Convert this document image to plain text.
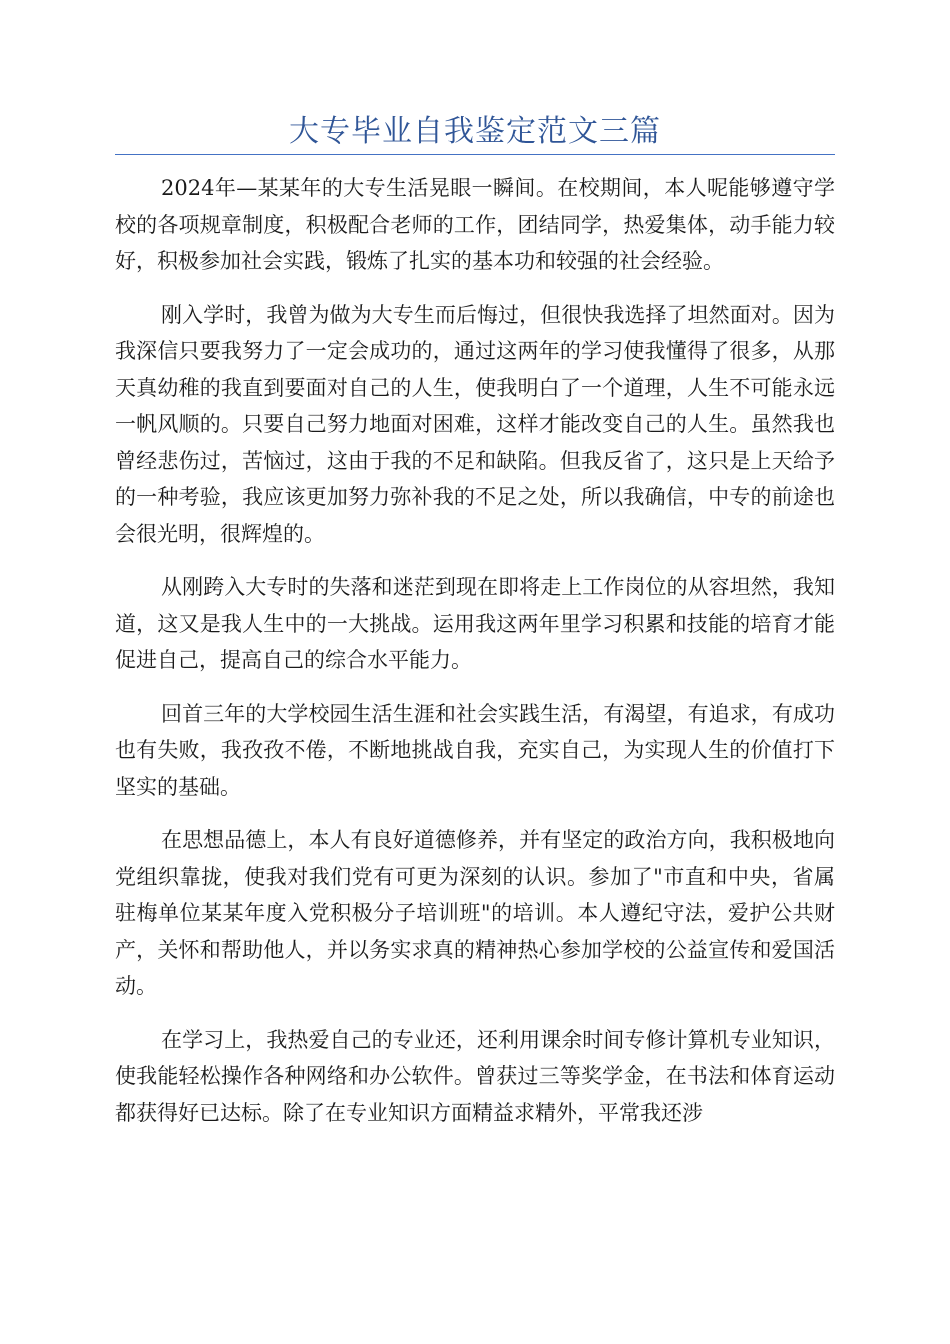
大专毕业自我鉴定范文三篇

2024年—某某年的大专生活晃眼一瞬间。在校期间，本人呢能够遵守学校的各项规章制度，积极配合老师的工作，团结同学，热爱集体，动手能力较好，积极参加社会实践，锻炼了扎实的基本功和较强的社会经验。

刚入学时，我曾为做为大专生而后悔过，但很快我选择了坦然面对。因为我深信只要我努力了一定会成功的，通过这两年的学习使我懂得了很多，从那天真幼稚的我直到要面对自己的人生，使我明白了一个道理，人生不可能永远一帆风顺的。只要自己努力地面对困难，这样才能改变自己的人生。虽然我也曾经悲伤过，苦恼过，这由于我的不足和缺陷。但我反省了，这只是上天给予的一种考验，我应该更加努力弥补我的不足之处，所以我确信，中专的前途也会很光明，很辉煌的。

从刚跨入大专时的失落和迷茫到现在即将走上工作岗位的从容坦然，我知道，这又是我人生中的一大挑战。运用我这两年里学习积累和技能的培育才能促进自己，提高自己的综合水平能力。

回首三年的大学校园生活生涯和社会实践生活，有渴望，有追求，有成功也有失败，我孜孜不倦，不断地挑战自我，充实自己，为实现人生的价值打下坚实的基础。

在思想品德上，本人有良好道德修养，并有坚定的政治方向，我积极地向党组织靠拢，使我对我们党有可更为深刻的认识。参加了"市直和中央，省属驻梅单位某某年度入党积极分子培训班"的培训。本人遵纪守法，爱护公共财产，关怀和帮助他人，并以务实求真的精神热心参加学校的公益宣传和爱国活动。

在学习上，我热爱自己的专业还，还利用课余时间专修计算机专业知识，使我能轻松操作各种网络和办公软件。曾获过三等奖学金，在书法和体育运动都获得好已达标。除了在专业知识方面精益求精外，平常我还涉
